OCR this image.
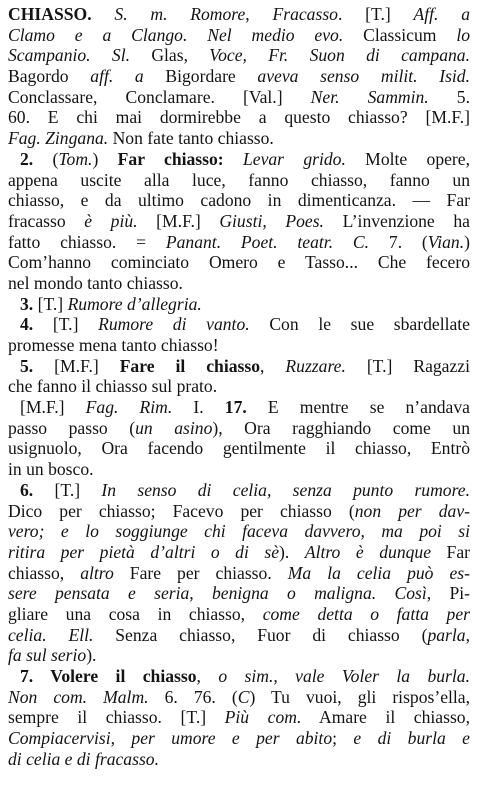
CHIASSO. S. m. Romore, Fracasso. [T.] Aff. a
Clamo e a Clango. Nel medio evo. Classicum lo
Scampanio. Sl. Glas, Voce, Fr. Suon di campana.
Bagordo aff. a Bigordare aveva senso milit. Isid.
Conclassare, Conclamare. [Val.] Ner. Sammin. 5.
60. E chi mai dormirebbe a questo chiasso? [M.F.]
Fag. Zingana. Non fate tanto chiasso.
2. (Tom.) Far chiasso: Levar grido. Molte opere,
appena uscite alla luce, fanno chiasso, fanno un
chiasso, e da ultimo cadono in dimenticanza. — Far
fracasso è più. [M.F.] Giusti, Poes. L’invenzione ha
fatto chiasso. = Panant. Poet. teatr. C. 7. (Vian.)
Com’hanno cominciato Omero e Tasso... Che fecero
nel mondo tanto chiasso.
3. [T.] Rumore d’allegria.
4. [T.] Rumore di vanto. Con le sue sbardellate
promesse mena tanto chiasso!
5. [M.F.] Fare il chiasso, Ruzzare. [T.] Ragazzi
che fanno il chiasso sul prato.
[M.F.] Fag. Rim. I. 17. E mentre se n’andava
passo passo (un asino), Ora ragghiando come un
usignuolo, Ora facendo gentilmente il chiasso, Entrò
in un bosco.
6. [T.] In senso di celia, senza punto rumore.
Dico per chiasso; Facevo per chiasso (non per dav-
vero; e lo soggiunge chi faceva davvero, ma poi si
ritira per pietà d’altri o di sè). Altro è dunque Far
chiasso, altro Fare per chiasso. Ma la celia può es-
sere pensata e seria, benigna o maligna. Così, Pi-
gliare una cosa in chiasso, come detta o fatta per
celia. Ell. Senza chiasso, Fuor di chiasso (parla,
fa sul serio).
7. Volere il chiasso, o sim., vale Voler la burla.
Non com. Malm. 6. 76. (C) Tu vuoi, gli rispos’ella,
sempre il chiasso. [T.] Più com. Amare il chiasso,
Compiacervisi, per umore e per abito; e di burla e
di celia e di fracasso.
